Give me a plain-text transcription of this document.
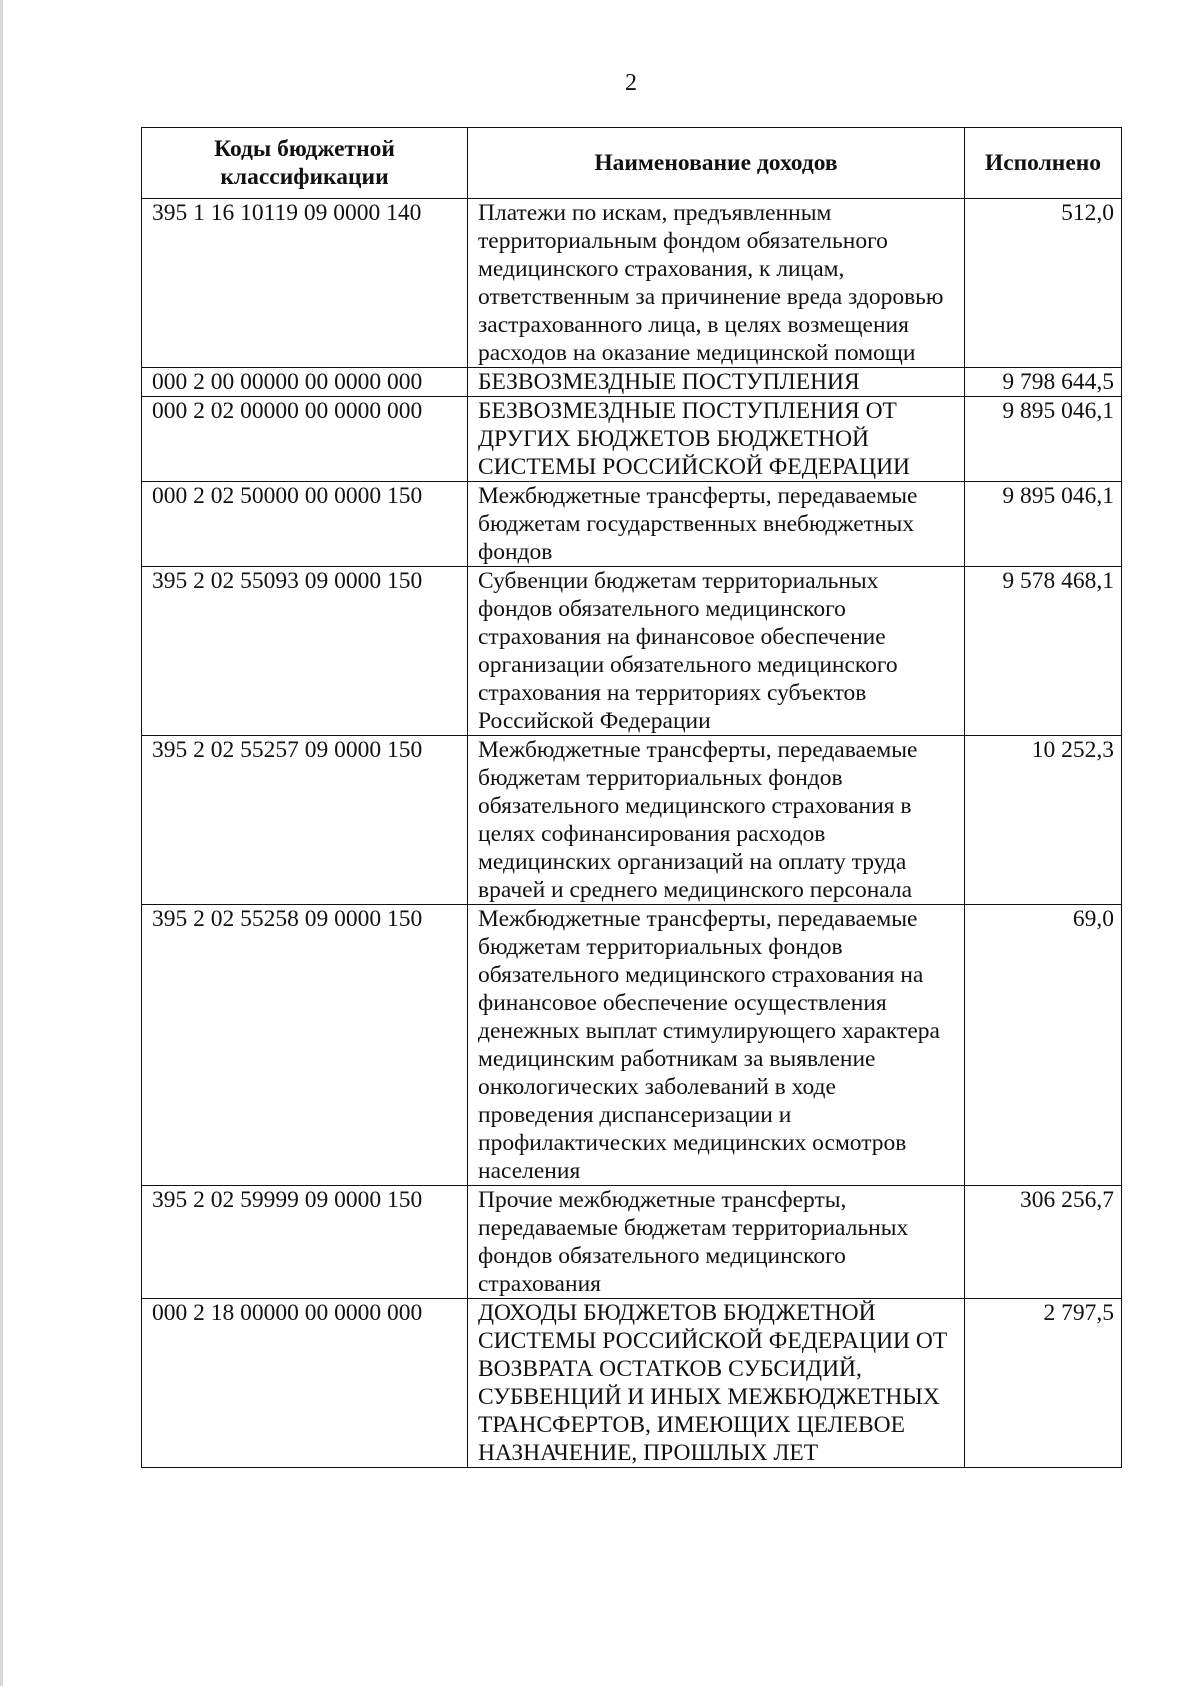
2
Коды бюджетной классификации	Наименование доходов	Исполнено
395 1 16 10119 09 0000 140	Платежи по искам, предъявленным территориальным фондом обязательного медицинского страхования, к лицам, ответственным за причинение вреда здоровью застрахованного лица, в целях возмещения расходов на оказание медицинской помощи	512,0
000 2 00 00000 00 0000 000	БЕЗВОЗМЕЗДНЫЕ ПОСТУПЛЕНИЯ	9 798 644,5
000 2 02 00000 00 0000 000	БЕЗВОЗМЕЗДНЫЕ ПОСТУПЛЕНИЯ ОТ ДРУГИХ БЮДЖЕТОВ БЮДЖЕТНОЙ СИСТЕМЫ РОССИЙСКОЙ ФЕДЕРАЦИИ	9 895 046,1
000 2 02 50000 00 0000 150	Межбюджетные трансферты, передаваемые бюджетам государственных внебюджетных фондов	9 895 046,1
395 2 02 55093 09 0000 150	Субвенции бюджетам территориальных фондов обязательного медицинского страхования на финансовое обеспечение организации обязательного медицинского страхования на территориях субъектов Российской Федерации	9 578 468,1
395 2 02 55257 09 0000 150	Межбюджетные трансферты, передаваемые бюджетам территориальных фондов обязательного медицинского страхования в целях софинансирования расходов медицинских организаций на оплату труда врачей и среднего медицинского персонала	10 252,3
395 2 02 55258 09 0000 150	Межбюджетные трансферты, передаваемые бюджетам территориальных фондов обязательного медицинского страхования на финансовое обеспечение осуществления денежных выплат стимулирующего характера медицинским работникам за выявление онкологических заболеваний в ходе проведения диспансеризации и профилактических медицинских осмотров населения	69,0
395 2 02 59999 09 0000 150	Прочие межбюджетные трансферты, передаваемые бюджетам территориальных фондов обязательного медицинского страхования	306 256,7
000 2 18 00000 00 0000 000	ДОХОДЫ БЮДЖЕТОВ БЮДЖЕТНОЙ СИСТЕМЫ РОССИЙСКОЙ ФЕДЕРАЦИИ ОТ ВОЗВРАТА ОСТАТКОВ СУБСИДИЙ, СУБВЕНЦИЙ И ИНЫХ МЕЖБЮДЖЕТНЫХ ТРАНСФЕРТОВ, ИМЕЮЩИХ ЦЕЛЕВОЕ НАЗНАЧЕНИЕ, ПРОШЛЫХ ЛЕТ	2 797,5
